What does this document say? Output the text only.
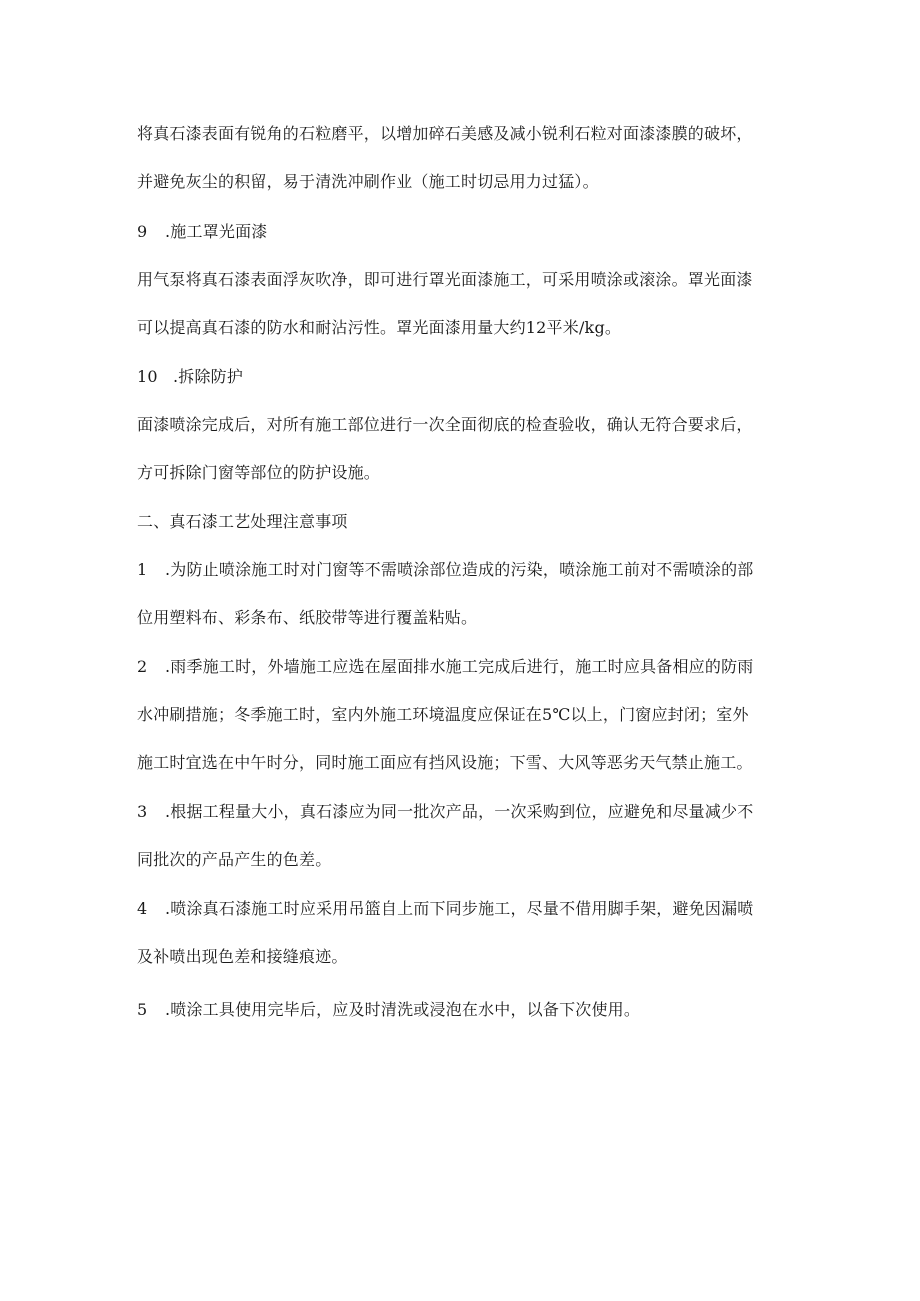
将真石漆表面有锐角的石粒磨平，以增加碎石美感及减小锐利石粒对面漆漆膜的破坏，
并避免灰尘的积留，易于清洗冲刷作业（施工时切忌用力过猛）。
9 .施工罩光面漆
用气泵将真石漆表面浮灰吹净，即可进行罩光面漆施工，可采用喷涂或滚涂。罩光面漆
可以提高真石漆的防水和耐沾污性。罩光面漆用量大约12平米/kg。
10 .拆除防护
面漆喷涂完成后，对所有施工部位进行一次全面彻底的检查验收，确认无符合要求后，
方可拆除门窗等部位的防护设施。
二、真石漆工艺处理注意事项
1 .为防止喷涂施工时对门窗等不需喷涂部位造成的污染，喷涂施工前对不需喷涂的部
位用塑料布、彩条布、纸胶带等进行覆盖粘贴。
2 .雨季施工时，外墙施工应选在屋面排水施工完成后进行，施工时应具备相应的防雨
水冲刷措施；冬季施工时，室内外施工环境温度应保证在5℃以上，门窗应封闭；室外
施工时宜选在中午时分，同时施工面应有挡风设施；下雪、大风等恶劣天气禁止施工。
3 .根据工程量大小，真石漆应为同一批次产品，一次采购到位，应避免和尽量减少不
同批次的产品产生的色差。
4 .喷涂真石漆施工时应采用吊篮自上而下同步施工，尽量不借用脚手架，避免因漏喷
及补喷出现色差和接缝痕迹。
5 .喷涂工具使用完毕后，应及时清洗或浸泡在水中，以备下次使用。
